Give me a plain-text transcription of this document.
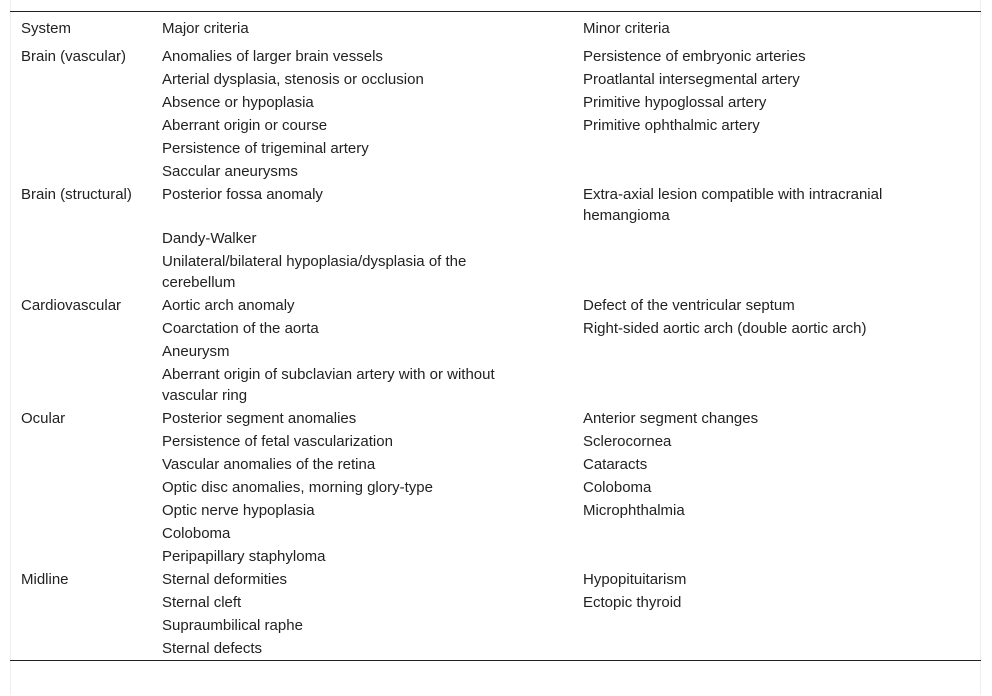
System	Major criteria	Minor criteria
Brain (vascular)	Anomalies of larger brain vessels	Persistence of embryonic arteries
	Arterial dysplasia, stenosis or occlusion	Proatlantal intersegmental artery
	Absence or hypoplasia	Primitive hypoglossal artery
	Aberrant origin or course	Primitive ophthalmic artery
	Persistence of trigeminal artery	
	Saccular aneurysms	
Brain (structural)	Posterior fossa anomaly	Extra-axial lesion compatible with intracranial hemangioma
	Dandy-Walker	
	Unilateral/bilateral hypoplasia/dysplasia of the cerebellum	
Cardiovascular	Aortic arch anomaly	Defect of the ventricular septum
	Coarctation of the aorta	Right-sided aortic arch (double aortic arch)
	Aneurysm	
	Aberrant origin of subclavian artery with or without vascular ring	
Ocular	Posterior segment anomalies	Anterior segment changes
	Persistence of fetal vascularization	Sclerocornea
	Vascular anomalies of the retina	Cataracts
	Optic disc anomalies, morning glory-type	Coloboma
	Optic nerve hypoplasia	Microphthalmia
	Coloboma	
	Peripapillary staphyloma	
Midline	Sternal deformities	Hypopituitarism
	Sternal cleft	Ectopic thyroid
	Supraumbilical raphe	
	Sternal defects	
